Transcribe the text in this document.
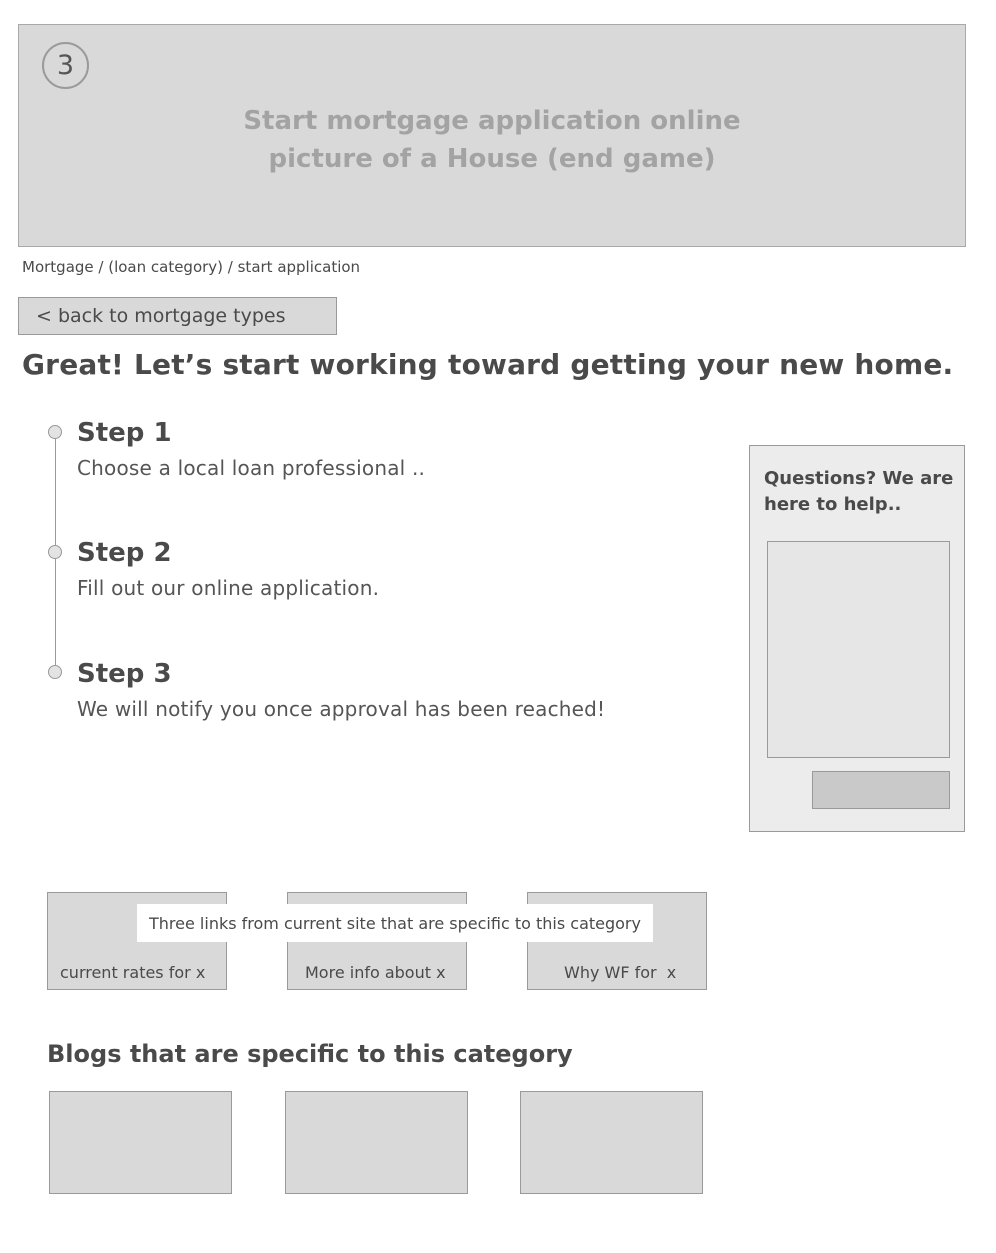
3
Start mortgage application online
picture of a House (end game)
Mortgage / (loan category) / start application
< back to mortgage types
Great! Let’s start working toward getting your new home.
Step 1
Choose a local loan professional ..
Step 2
Fill out our online application.
Step 3
We will notify you once approval has been reached!
Questions? We are here to help..
current rates for x	More info about x	Why WF for  x
Three links from current site that are specific to this category
Blogs that are specific to this category
